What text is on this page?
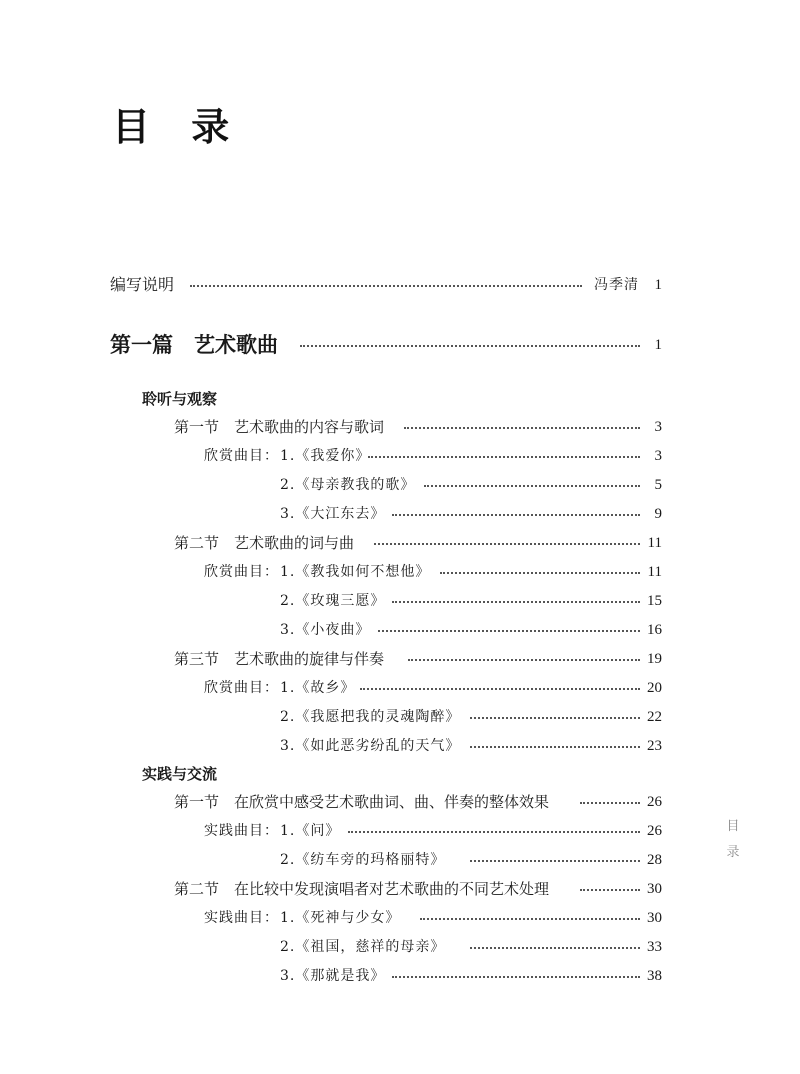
目 录
目录
编写说明	冯季清 1
第一篇　艺术歌曲	1
聆听与观察
第一节　艺术歌曲的内容与歌词	3
欣赏曲目： 1.《我爱你》	3
2.《母亲教我的歌》	5
3.《大江东去》	9
第二节　艺术歌曲的词与曲	11
欣赏曲目： 1.《教我如何不想他》	11
2.《玫瑰三愿》	15
3.《小夜曲》	16
第三节　艺术歌曲的旋律与伴奏	19
欣赏曲目： 1.《故乡》	20
2.《我愿把我的灵魂陶醉》	22
3.《如此恶劣纷乱的天气》	23
实践与交流
第一节　在欣赏中感受艺术歌曲词、曲、伴奏的整体效果	26
实践曲目： 1.《问》	26
2.《纺车旁的玛格丽特》	28
第二节　在比较中发现演唱者对艺术歌曲的不同艺术处理	30
实践曲目： 1.《死神与少女》	30
2.《祖国，慈祥的母亲》	33
3.《那就是我》	38
